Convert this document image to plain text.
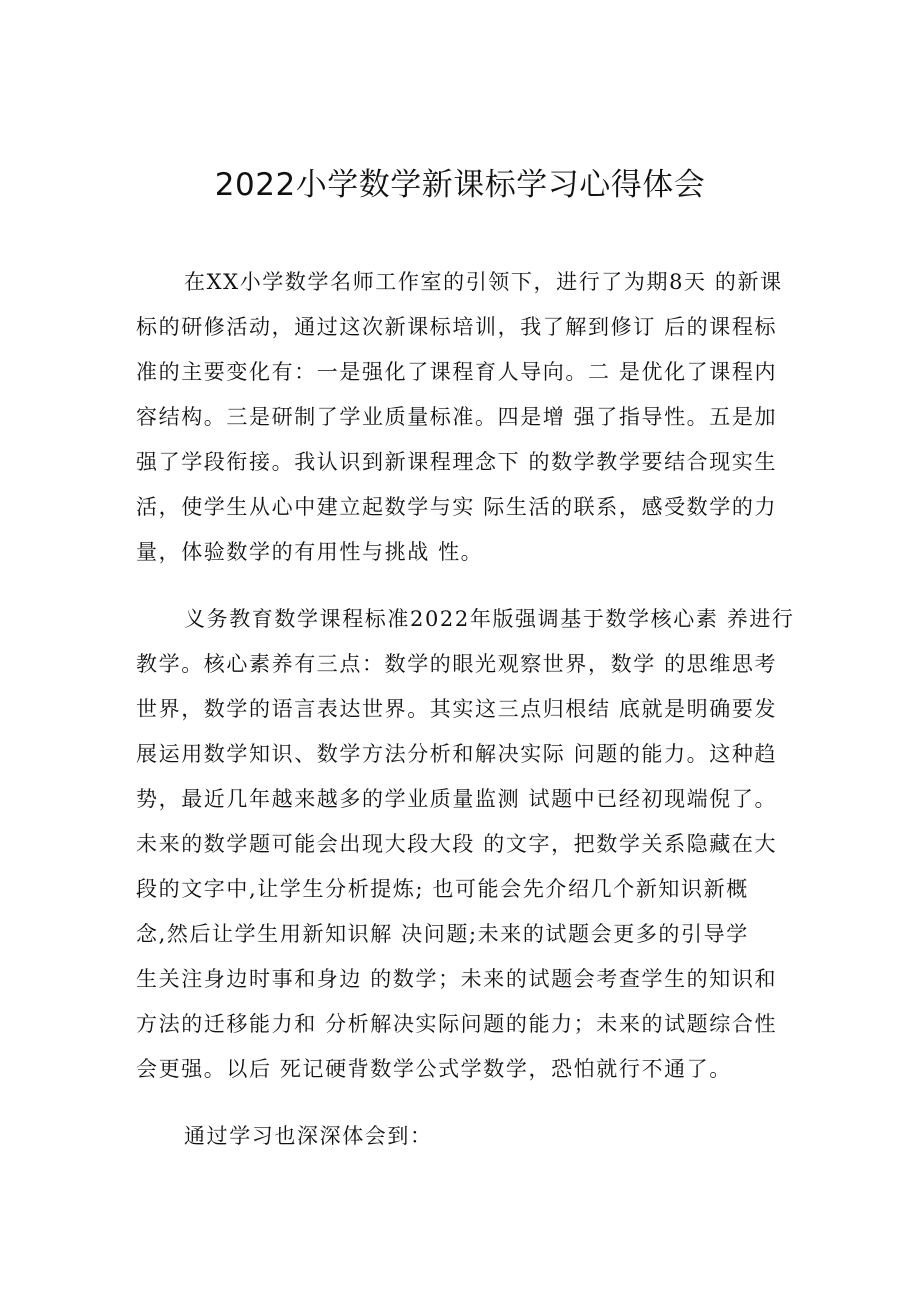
2022小学数学新课标学习心得体会

在XX小学数学名师工作室的引领下，进行了为期8天 的新课

标的研修活动，通过这次新课标培训，我了解到修订 后的课程标

准的主要变化有：一是强化了课程育人导向。二 是优化了课程内

容结构。三是研制了学业质量标准。四是增 强了指导性。五是加

强了学段衔接。我认识到新课程理念下 的数学教学要结合现实生

活，使学生从心中建立起数学与实 际生活的联系，感受数学的力

量，体验数学的有用性与挑战 性。

义务教育数学课程标准2022年版强调基于数学核心素 养进行

教学。核心素养有三点：数学的眼光观察世界，数学 的思维思考

世界，数学的语言表达世界。其实这三点归根结 底就是明确要发

展运用数学知识、数学方法分析和解决实际 问题的能力。这种趋

势，最近几年越来越多的学业质量监测 试题中已经初现端倪了。

未来的数学题可能会出现大段大段 的文字，把数学关系隐藏在大

段的文字中,让学生分析提炼; 也可能会先介绍几个新知识新概

念,然后让学生用新知识解 决问题;未来的试题会更多的引导学

生关注身边时事和身边 的数学；未来的试题会考查学生的知识和

方法的迁移能力和 分析解决实际问题的能力；未来的试题综合性

会更强。以后 死记硬背数学公式学数学，恐怕就行不通了。

通过学习也深深体会到：
